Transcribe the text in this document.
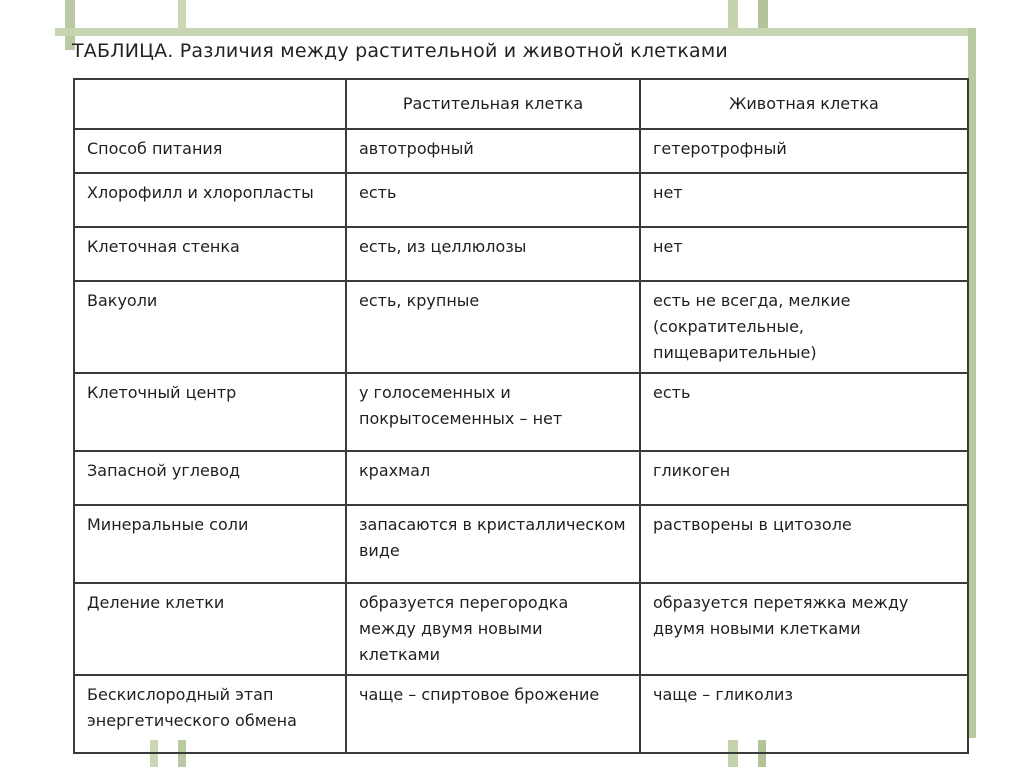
ТАБЛИЦА. Различия между растительной и животной клетками
	Растительная клетка	Животная клетка
Способ питания	автотрофный	гетеротрофный
Хлорофилл и хлоропласты	есть	нет
Клеточная стенка	есть, из целлюлозы	нет
Вакуоли	есть, крупные	есть не всегда, мелкие (сократительные, пищеварительные)
Клеточный центр	у голосеменных и покрытосеменных – нет	есть
Запасной углевод	крахмал	гликоген
Минеральные соли	запасаются в кристаллическом виде	растворены в цитозоле
Деление клетки	образуется перегородка между двумя новыми клетками	образуется перетяжка между двумя новыми клетками
Бескислородный этап энергетического обмена	чаще – спиртовое брожение	чаще – гликолиз
